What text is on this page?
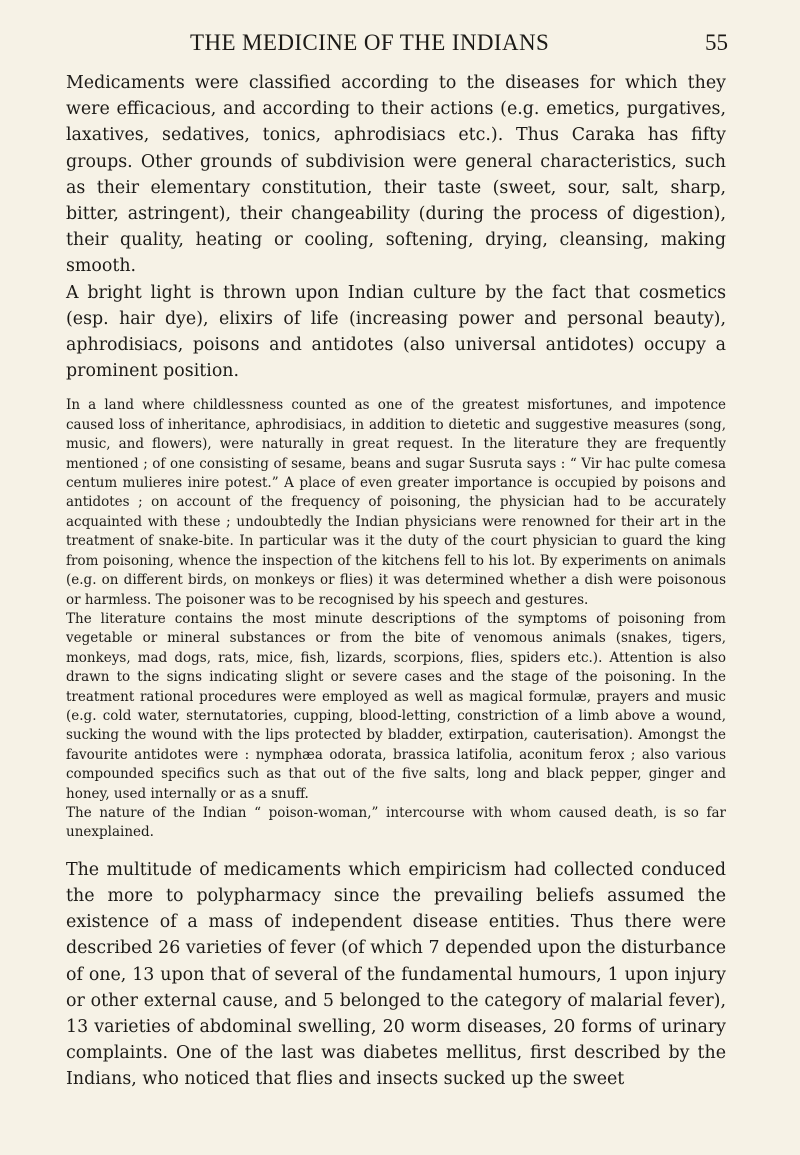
THE MEDICINE OF THE INDIANS	55

Medicaments were classified according to the diseases for which they were efficacious, and according to their actions (e.g. emetics, purgatives, laxatives, sedatives, tonics, aphrodisiacs etc.). Thus Caraka has fifty groups. Other grounds of subdivision were general characteristics, such as their elementary constitution, their taste (sweet, sour, salt, sharp, bitter, astringent), their changeability (during the process of digestion), their quality, heating or cooling, softening, drying, cleansing, making smooth.

A bright light is thrown upon Indian culture by the fact that cosmetics (esp. hair dye), elixirs of life (increasing power and personal beauty), aphrodisiacs, poisons and antidotes (also universal antidotes) occupy a prominent position.

In a land where childlessness counted as one of the greatest misfortunes, and impotence caused loss of inheritance, aphrodisiacs, in addition to dietetic and suggestive measures (song, music, and flowers), were naturally in great request. In the literature they are frequently mentioned ; of one consisting of sesame, beans and sugar Susruta says : “ Vir hac pulte comesa centum mulieres inire potest.” A place of even greater importance is occupied by poisons and antidotes ; on account of the frequency of poisoning, the physician had to be accurately acquainted with these ; undoubtedly the Indian physicians were renowned for their art in the treatment of snake-bite. In particular was it the duty of the court physician to guard the king from poisoning, whence the inspection of the kitchens fell to his lot. By experiments on animals (e.g. on different birds, on monkeys or flies) it was determined whether a dish were poisonous or harmless. The poisoner was to be recognised by his speech and gestures.

The literature contains the most minute descriptions of the symptoms of poisoning from vegetable or mineral substances or from the bite of venomous animals (snakes, tigers, monkeys, mad dogs, rats, mice, fish, lizards, scorpions, flies, spiders etc.). Attention is also drawn to the signs indicating slight or severe cases and the stage of the poisoning. In the treatment rational procedures were employed as well as magical formulæ, prayers and music (e.g. cold water, sternutatories, cupping, blood-letting, constriction of a limb above a wound, sucking the wound with the lips protected by bladder, extirpation, cauterisation). Amongst the favourite antidotes were : nymphæa odorata, brassica latifolia, aconitum ferox ; also various compounded specifics such as that out of the five salts, long and black pepper, ginger and honey, used internally or as a snuff.

The nature of the Indian “ poison-woman,” intercourse with whom caused death, is so far unexplained.

The multitude of medicaments which empiricism had collected conduced the more to polypharmacy since the prevailing beliefs assumed the existence of a mass of independent disease entities. Thus there were described 26 varieties of fever (of which 7 depended upon the disturbance of one, 13 upon that of several of the fundamental humours, 1 upon injury or other external cause, and 5 belonged to the category of malarial fever), 13 varieties of abdominal swelling, 20 worm diseases, 20 forms of urinary complaints. One of the last was diabetes mellitus, first described by the Indians, who noticed that flies and insects sucked up the sweet
